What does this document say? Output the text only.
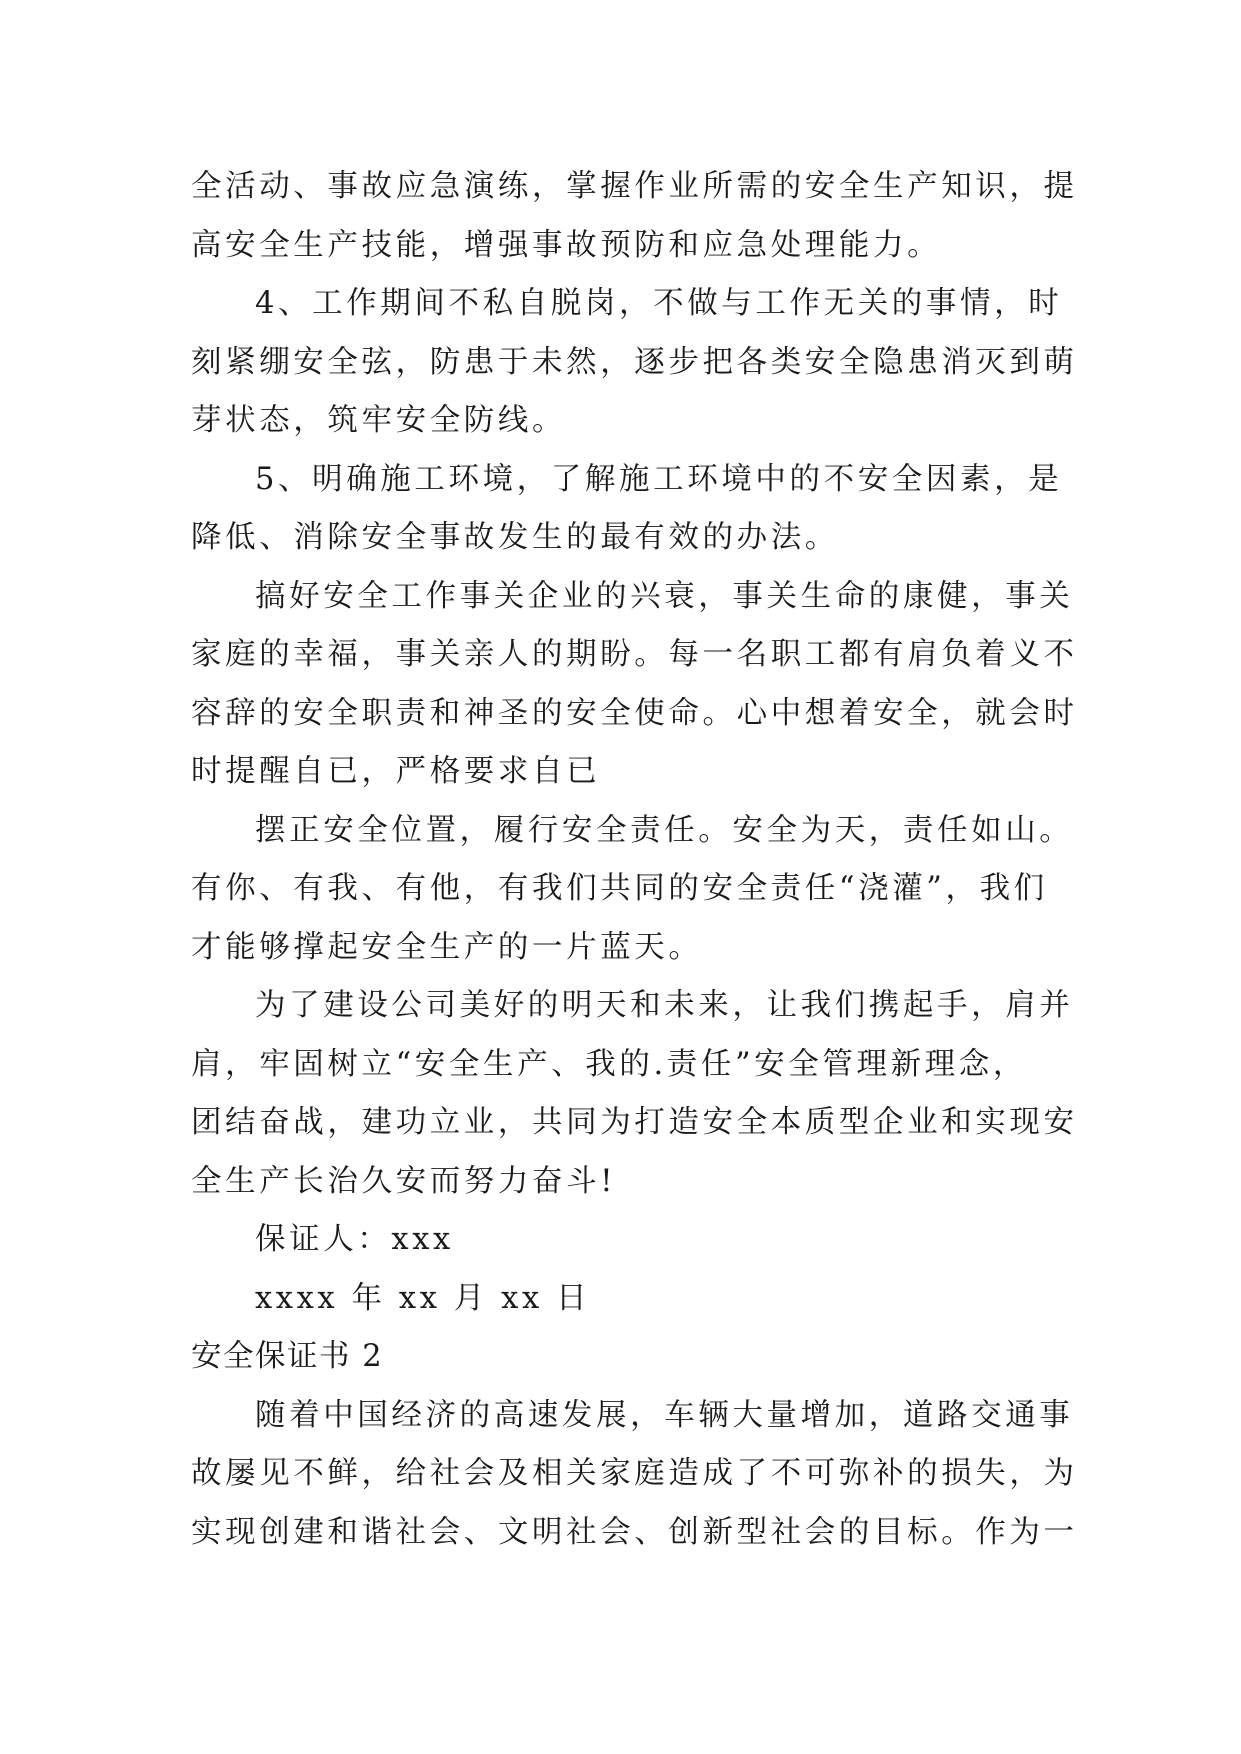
全活动、事故应急演练，掌握作业所需的安全生产知识，提
高安全生产技能，增强事故预防和应急处理能力。
4、工作期间不私自脱岗，不做与工作无关的事情，时
刻紧绷安全弦，防患于未然，逐步把各类安全隐患消灭到萌
芽状态，筑牢安全防线。
5、明确施工环境，了解施工环境中的不安全因素，是
降低、消除安全事故发生的最有效的办法。
搞好安全工作事关企业的兴衰，事关生命的康健，事关
家庭的幸福，事关亲人的期盼。每一名职工都有肩负着义不
容辞的安全职责和神圣的安全使命。心中想着安全，就会时
时提醒自已，严格要求自已
摆正安全位置，履行安全责任。安全为天，责任如山。
有你、有我、有他，有我们共同的安全责任“浇灌”，我们
才能够撑起安全生产的一片蓝天。
为了建设公司美好的明天和未来，让我们携起手，肩并
肩，牢固树立“安全生产、我的.责任”安全管理新理念，
团结奋战，建功立业，共同为打造安全本质型企业和实现安
全生产长治久安而努力奋斗!
保证人：xxx
xxxx 年 xx 月 xx 日
安全保证书 2
随着中国经济的高速发展，车辆大量增加，道路交通事
故屡见不鲜，给社会及相关家庭造成了不可弥补的损失，为
实现创建和谐社会、文明社会、创新型社会的目标。作为一
